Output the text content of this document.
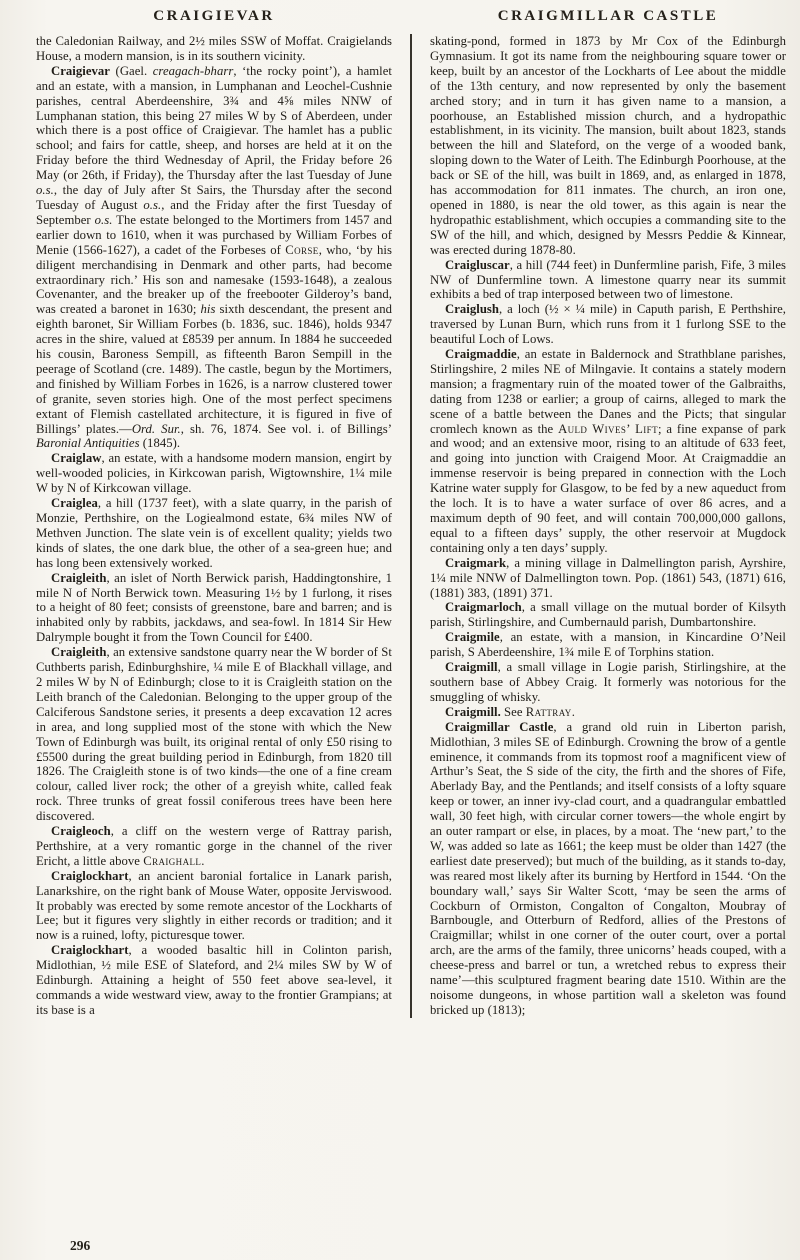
CRAIGIEVAR	CRAIGMILLAR CASTLE

the Caledonian Railway, and 2½ miles SSW of Moffat. Craigielands House, a modern mansion, is in its southern vicinity.

Craigievar (Gael. creagach-bharr, ‘the rocky point’), a hamlet and an estate, with a mansion, in Lumphanan and Leochel-Cushnie parishes, central Aberdeenshire, 3¾ and 4⅝ miles NNW of Lumphanan station, this being 27 miles W by S of Aberdeen, under which there is a post office of Craigievar. The hamlet has a public school; and fairs for cattle, sheep, and horses are held at it on the Friday before the third Wednesday of April, the Friday before 26 May (or 26th, if Friday), the Thursday after the last Tuesday of June o.s., the day of July after St Sairs, the Thursday after the second Tuesday of August o.s., and the Friday after the first Tuesday of September o.s. The estate belonged to the Mortimers from 1457 and earlier down to 1610, when it was purchased by William Forbes of Menie (1566-1627), a cadet of the Forbeses of Corse, who, ‘by his diligent merchandising in Denmark and other parts, had become extraordinary rich.’ His son and namesake (1593-1648), a zealous Covenanter, and the breaker up of the freebooter Gilderoy’s band, was created a baronet in 1630; his sixth descendant, the present and eighth baronet, Sir William Forbes (b. 1836, suc. 1846), holds 9347 acres in the shire, valued at £8539 per annum. In 1884 he succeeded his cousin, Baroness Sempill, as fifteenth Baron Sempill in the peerage of Scotland (cre. 1489). The castle, begun by the Mortimers, and finished by William Forbes in 1626, is a narrow clustered tower of granite, seven stories high. One of the most perfect specimens extant of Flemish castellated architecture, it is figured in five of Billings’ plates.—Ord. Sur., sh. 76, 1874. See vol. i. of Billings’ Baronial Antiquities (1845).

Craiglaw, an estate, with a handsome modern mansion, engirt by well-wooded policies, in Kirkcowan parish, Wigtownshire, 1¼ mile W by N of Kirkcowan village.

Craiglea, a hill (1737 feet), with a slate quarry, in the parish of Monzie, Perthshire, on the Logiealmond estate, 6¾ miles NW of Methven Junction. The slate vein is of excellent quality; yields two kinds of slates, the one dark blue, the other of a sea-green hue; and has long been extensively worked.

Craigleith, an islet of North Berwick parish, Haddingtonshire, 1 mile N of North Berwick town. Measuring 1½ by 1 furlong, it rises to a height of 80 feet; consists of greenstone, bare and barren; and is inhabited only by rabbits, jackdaws, and sea-fowl. In 1814 Sir Hew Dalrymple bought it from the Town Council for £400.

Craigleith, an extensive sandstone quarry near the W border of St Cuthberts parish, Edinburghshire, ¼ mile E of Blackhall village, and 2 miles W by N of Edinburgh; close to it is Craigleith station on the Leith branch of the Caledonian. Belonging to the upper group of the Calciferous Sandstone series, it presents a deep excavation 12 acres in area, and long supplied most of the stone with which the New Town of Edinburgh was built, its original rental of only £50 rising to £5500 during the great building period in Edinburgh, from 1820 till 1826. The Craigleith stone is of two kinds—the one of a fine cream colour, called liver rock; the other of a greyish white, called feak rock. Three trunks of great fossil coniferous trees have been here discovered.

Craigleoch, a cliff on the western verge of Rattray parish, Perthshire, at a very romantic gorge in the channel of the river Ericht, a little above Craighall.

Craiglockhart, an ancient baronial fortalice in Lanark parish, Lanarkshire, on the right bank of Mouse Water, opposite Jerviswood. It probably was erected by some remote ancestor of the Lockharts of Lee; but it figures very slightly in either records or tradition; and it now is a ruined, lofty, picturesque tower.

Craiglockhart, a wooded basaltic hill in Colinton parish, Midlothian, ½ mile ESE of Slateford, and 2¼ miles SW by W of Edinburgh. Attaining a height of 550 feet above sea-level, it commands a wide westward view, away to the frontier Grampians; at its base is a

skating-pond, formed in 1873 by Mr Cox of the Edinburgh Gymnasium. It got its name from the neighbouring square tower or keep, built by an ancestor of the Lockharts of Lee about the middle of the 13th century, and now represented by only the basement arched story; and in turn it has given name to a mansion, a poorhouse, an Established mission church, and a hydropathic establishment, in its vicinity. The mansion, built about 1823, stands between the hill and Slateford, on the verge of a wooded bank, sloping down to the Water of Leith. The Edinburgh Poorhouse, at the back or SE of the hill, was built in 1869, and, as enlarged in 1878, has accommodation for 811 inmates. The church, an iron one, opened in 1880, is near the old tower, as this again is near the hydropathic establishment, which occupies a commanding site to the SW of the hill, and which, designed by Messrs Peddie & Kinnear, was erected during 1878-80.

Craigluscar, a hill (744 feet) in Dunfermline parish, Fife, 3 miles NW of Dunfermline town. A limestone quarry near its summit exhibits a bed of trap interposed between two of limestone.

Craiglush, a loch (½ × ¼ mile) in Caputh parish, E Perthshire, traversed by Lunan Burn, which runs from it 1 furlong SSE to the beautiful Loch of Lows.

Craigmaddie, an estate in Baldernock and Strathblane parishes, Stirlingshire, 2 miles NE of Milngavie. It contains a stately modern mansion; a fragmentary ruin of the moated tower of the Galbraiths, dating from 1238 or earlier; a group of cairns, alleged to mark the scene of a battle between the Danes and the Picts; that singular cromlech known as the Auld Wives’ Lift; a fine expanse of park and wood; and an extensive moor, rising to an altitude of 633 feet, and going into junction with Craigend Moor. At Craigmaddie an immense reservoir is being prepared in connection with the Loch Katrine water supply for Glasgow, to be fed by a new aqueduct from the loch. It is to have a water surface of over 86 acres, and a maximum depth of 90 feet, and will contain 700,000,000 gallons, equal to a fifteen days’ supply, the other reservoir at Mugdock containing only a ten days’ supply.

Craigmark, a mining village in Dalmellington parish, Ayrshire, 1¼ mile NNW of Dalmellington town. Pop. (1861) 543, (1871) 616, (1881) 383, (1891) 371.

Craigmarloch, a small village on the mutual border of Kilsyth parish, Stirlingshire, and Cumbernauld parish, Dumbartonshire.

Craigmile, an estate, with a mansion, in Kincardine O’Neil parish, S Aberdeenshire, 1¾ mile E of Torphins station.

Craigmill, a small village in Logie parish, Stirlingshire, at the southern base of Abbey Craig. It formerly was notorious for the smuggling of whisky.

Craigmill. See Rattray.

Craigmillar Castle, a grand old ruin in Liberton parish, Midlothian, 3 miles SE of Edinburgh. Crowning the brow of a gentle eminence, it commands from its topmost roof a magnificent view of Arthur’s Seat, the S side of the city, the firth and the shores of Fife, Aberlady Bay, and the Pentlands; and itself consists of a lofty square keep or tower, an inner ivy-clad court, and a quadrangular embattled wall, 30 feet high, with circular corner towers—the whole engirt by an outer rampart or else, in places, by a moat. The ‘new part,’ to the W, was added so late as 1661; the keep must be older than 1427 (the earliest date preserved); but much of the building, as it stands to-day, was reared most likely after its burning by Hertford in 1544. ‘On the boundary wall,’ says Sir Walter Scott, ‘may be seen the arms of Cockburn of Ormiston, Congalton of Congalton, Moubray of Barnbougle, and Otterburn of Redford, allies of the Prestons of Craigmillar; whilst in one corner of the outer court, over a portal arch, are the arms of the family, three unicorns’ heads couped, with a cheese-press and barrel or tun, a wretched rebus to express their name’—this sculptured fragment bearing date 1510. Within are the noisome dungeons, in whose partition wall a skeleton was found bricked up (1813);

296
